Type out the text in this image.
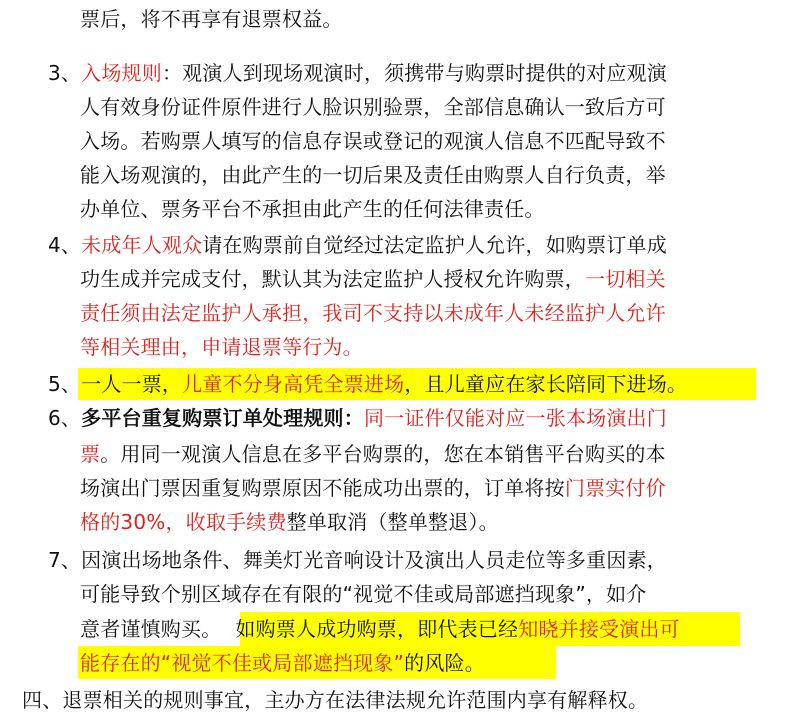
票后，将不再享有退票权益。
3、入场规则：观演人到现场观演时，须携带与购票时提供的对应观演
人有效身份证件原件进行人脸识别验票，全部信息确认一致后方可
入场。若购票人填写的信息存误或登记的观演人信息不匹配导致不
能入场观演的，由此产生的一切后果及责任由购票人自行负责，举
办单位、票务平台不承担由此产生的任何法律责任。
4、未成年人观众请在购票前自觉经过法定监护人允许，如购票订单成
功生成并完成支付，默认其为法定监护人授权允许购票，一切相关
责任须由法定监护人承担，我司不支持以未成年人未经监护人允许
等相关理由，申请退票等行为。
5、一人一票，儿童不分身高凭全票进场，且儿童应在家长陪同下进场。
6、多平台重复购票订单处理规则：同一证件仅能对应一张本场演出门
票。用同一观演人信息在多平台购票的，您在本销售平台购买的本
场演出门票因重复购票原因不能成功出票的，订单将按门票实付价
格的30%，收取手续费整单取消（整单整退）。
7、因演出场地条件、舞美灯光音响设计及演出人员走位等多重因素，
可能导致个别区域存在有限的“视觉不佳或局部遮挡现象”，如介
意者谨慎购买。 如购票人成功购票，即代表已经知晓并接受演出可
能存在的“视觉不佳或局部遮挡现象”的风险。
四、退票相关的规则事宜，主办方在法律法规允许范围内享有解释权。
